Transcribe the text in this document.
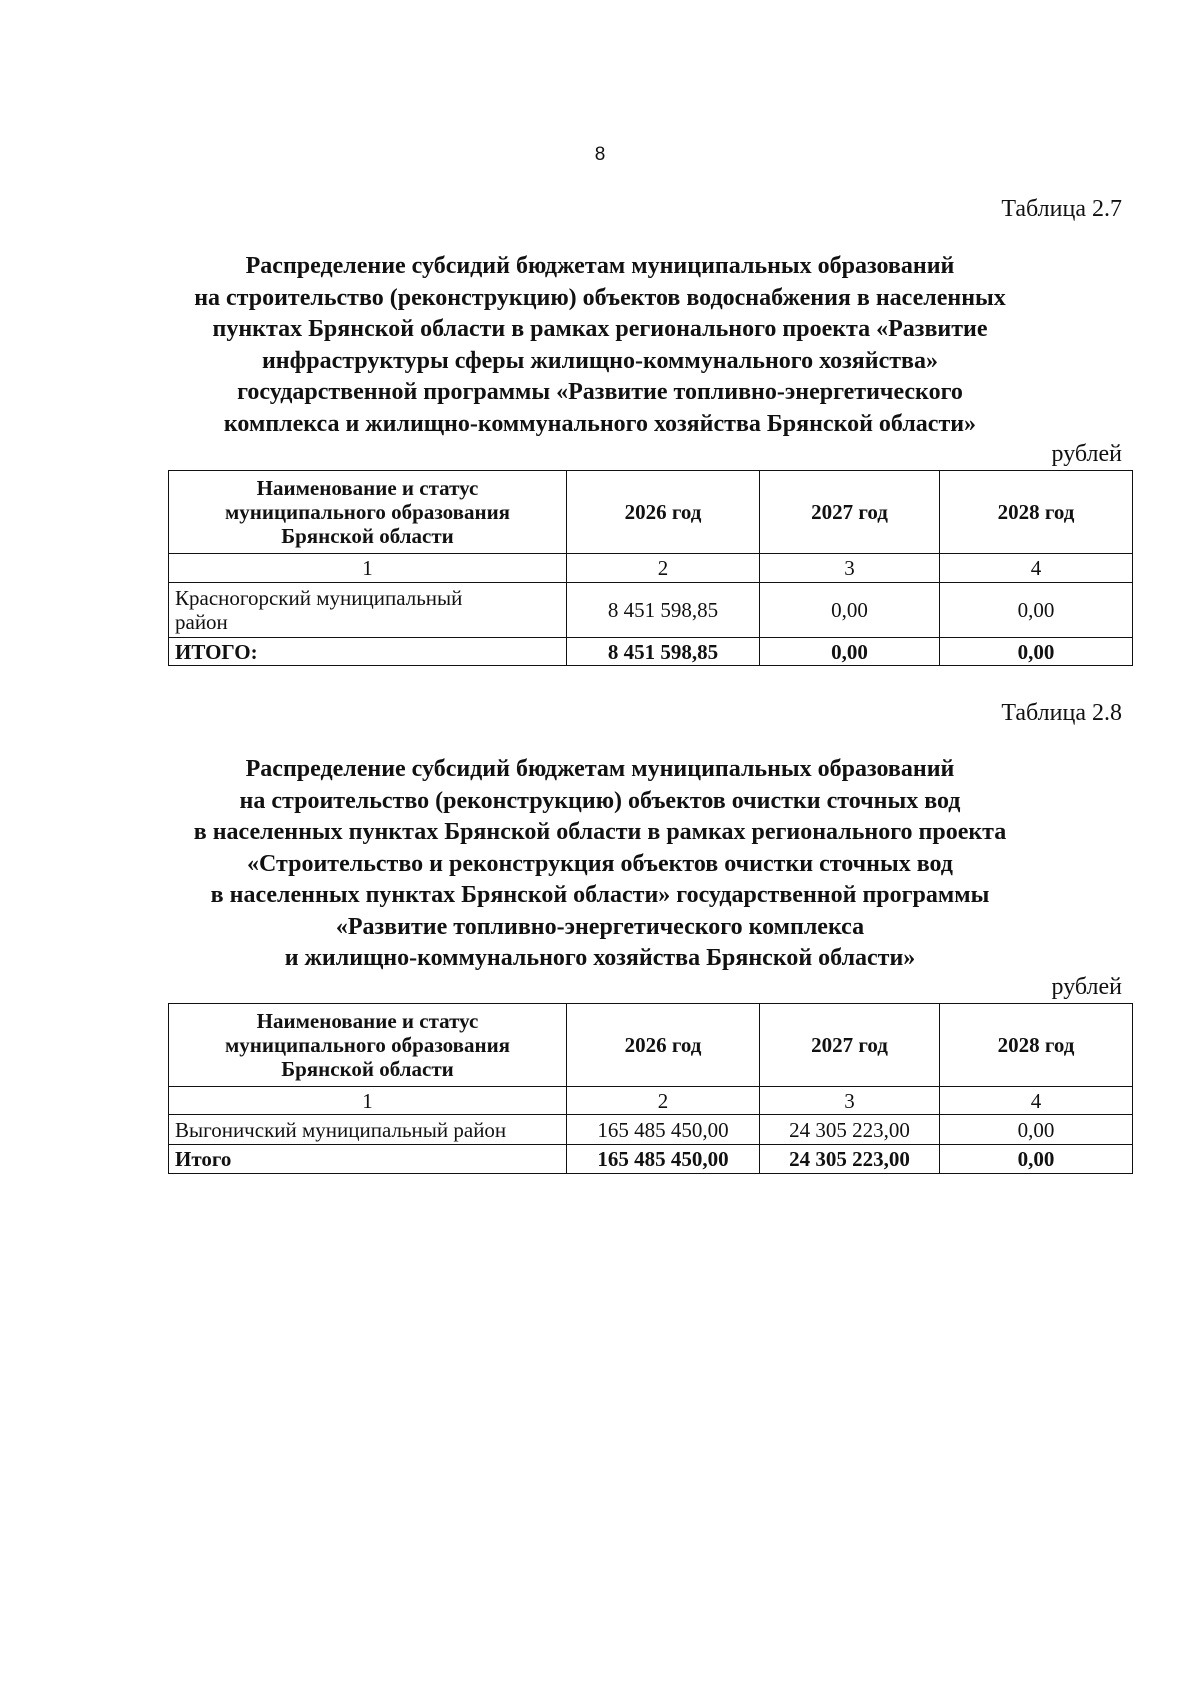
8
Таблица 2.7
Распределение субсидий бюджетам муниципальных образований
на строительство (реконструкцию) объектов водоснабжения в населенных
пунктах Брянской области в рамках регионального проекта «Развитие
инфраструктуры сферы жилищно-коммунального хозяйства»
государственной программы «Развитие топливно-энергетического
комплекса и жилищно-коммунального хозяйства Брянской области»
рублей
Наименование и статус
муниципального образования
Брянской области	2026 год	2027 год	2028 год
1	2	3	4

Красногорский муниципальный
район	8 451 598,85	0,00	0,00
ИТОГО:	8 451 598,85	0,00	0,00
Таблица 2.8
Распределение субсидий бюджетам муниципальных образований
на строительство (реконструкцию) объектов очистки сточных вод
в населенных пунктах Брянской области в рамках регионального проекта
«Строительство и реконструкция объектов очистки сточных вод
в населенных пунктах Брянской области» государственной программы
«Развитие топливно-энергетического комплекса
и жилищно-коммунального хозяйства Брянской области»
рублей
Наименование и статус
муниципального образования
Брянской области	2026 год	2027 год	2028 год
1	2	3	4
Выгоничский муниципальный район	165 485 450,00	24 305 223,00	0,00
Итого	165 485 450,00	24 305 223,00	0,00
